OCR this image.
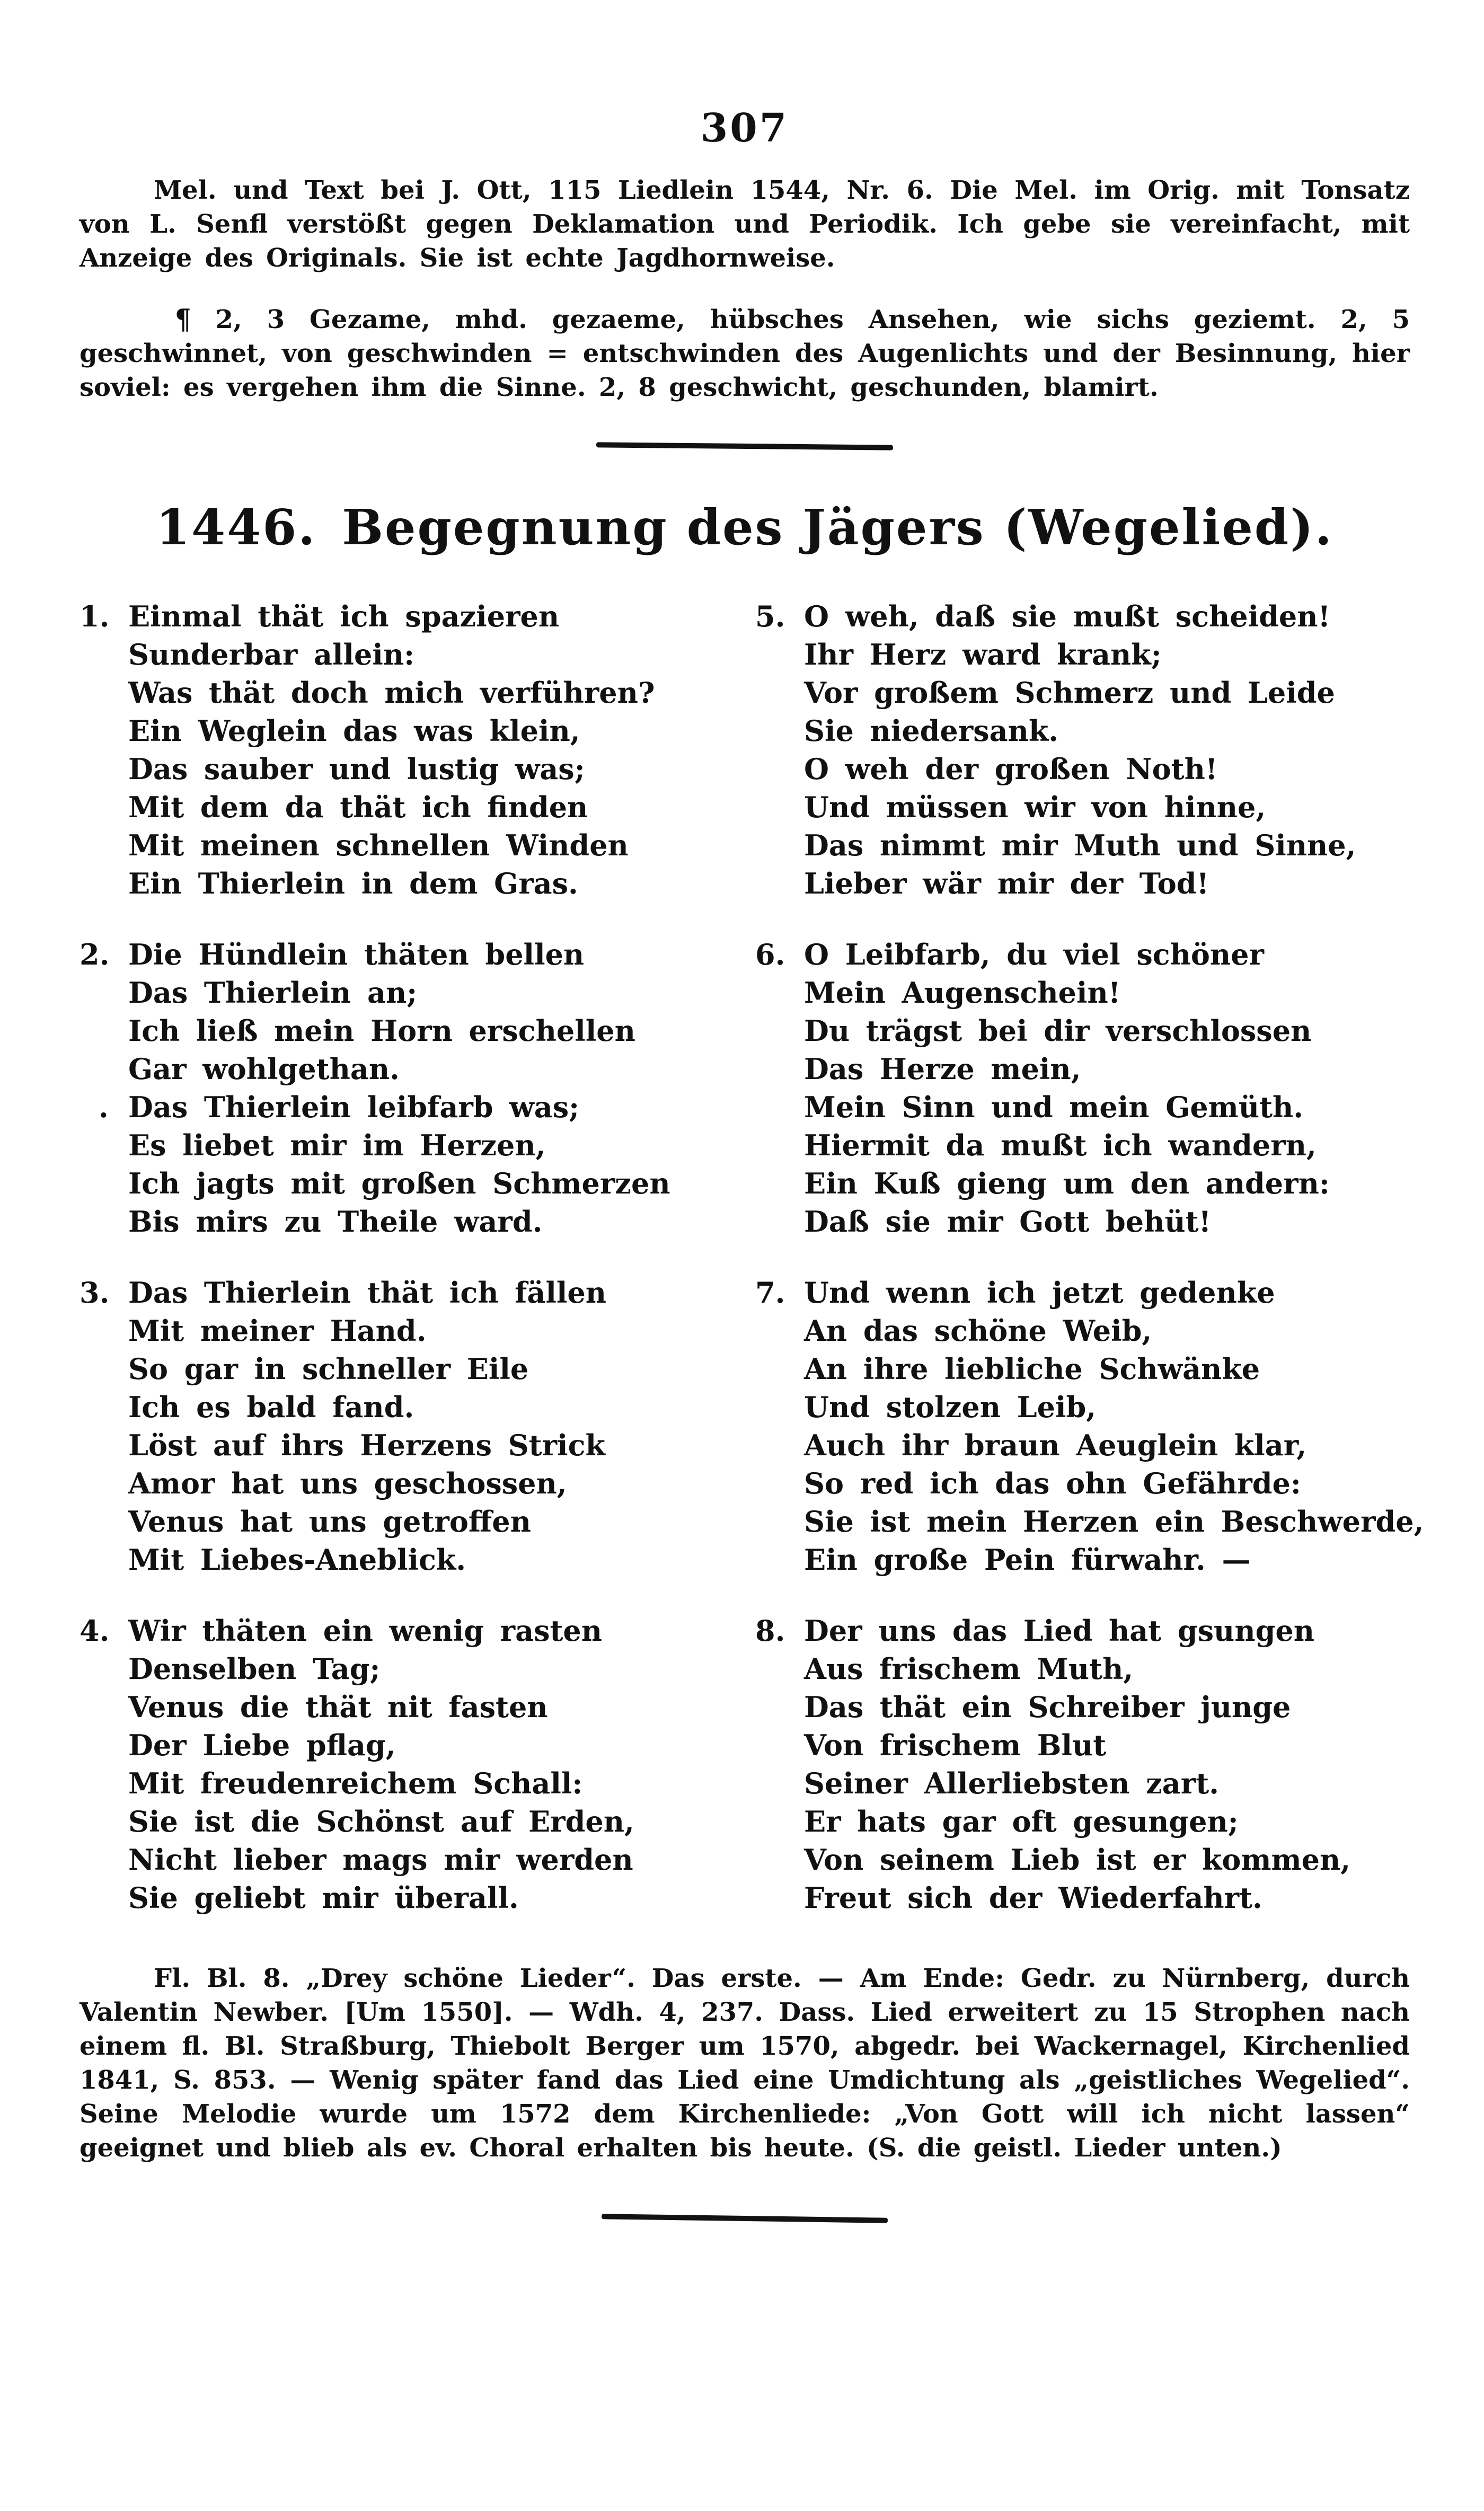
307

Mel. und Text bei J. Ott, 115 Liedlein 1544, Nr. 6. Die Mel. im Orig. mit Tonsatz von L. Senfl verstößt gegen Deklamation und Periodik. Ich gebe sie vereinfacht, mit Anzeige des Originals. Sie ist echte Jagdhornweise.

¶ 2, 3 Gezame, mhd. gezaeme, hübsches Ansehen, wie sichs geziemt. 2, 5 geschwinnet, von geschwinden = entschwinden des Augenlichts und der Besinnung, hier soviel: es vergehen ihm die Sinne. 2, 8 geschwicht, geschunden, blamirt.

1446. Begegnung des Jägers (Wegelied).
1. Einmal thät ich spazieren
Sunderbar allein:
Was thät doch mich verführen?
Ein Weglein das was klein,
Das sauber und lustig was;
Mit dem da thät ich finden
Mit meinen schnellen Winden
Ein Thierlein in dem Gras.
2.
.
Die Hündlein thäten bellen
Das Thierlein an;
Ich ließ mein Horn erschellen
Gar wohlgethan.
Das Thierlein leibfarb was;
Es liebet mir im Herzen,
Ich jagts mit großen Schmerzen
Bis mirs zu Theile ward.
3. Das Thierlein thät ich fällen
Mit meiner Hand.
So gar in schneller Eile
Ich es bald fand.
Löst auf ihrs Herzens Strick
Amor hat uns geschossen,
Venus hat uns getroffen
Mit Liebes-Aneblick.
4. Wir thäten ein wenig rasten
Denselben Tag;
Venus die thät nit fasten
Der Liebe pflag,
Mit freudenreichem Schall:
Sie ist die Schönst auf Erden,
Nicht lieber mags mir werden
Sie geliebt mir überall.
5. O weh, daß sie mußt scheiden!
Ihr Herz ward krank;
Vor großem Schmerz und Leide
Sie niedersank.
O weh der großen Noth!
Und müssen wir von hinne,
Das nimmt mir Muth und Sinne,
Lieber wär mir der Tod!
6. O Leibfarb, du viel schöner
Mein Augenschein!
Du trägst bei dir verschlossen
Das Herze mein,
Mein Sinn und mein Gemüth.
Hiermit da mußt ich wandern,
Ein Kuß gieng um den andern:
Daß sie mir Gott behüt!
7. Und wenn ich jetzt gedenke
An das schöne Weib,
An ihre liebliche Schwänke
Und stolzen Leib,
Auch ihr braun Aeuglein klar,
So red ich das ohn Gefährde:
Sie ist mein Herzen ein Beschwerde,
Ein große Pein fürwahr. —
8. Der uns das Lied hat gsungen
Aus frischem Muth,
Das thät ein Schreiber junge
Von frischem Blut
Seiner Allerliebsten zart.
Er hats gar oft gesungen;
Von seinem Lieb ist er kommen,
Freut sich der Wiederfahrt.

Fl. Bl. 8. „Drey schöne Lieder“. Das erste. — Am Ende: Gedr. zu Nürnberg, durch Valentin Newber. [Um 1550]. — Wdh. 4, 237. Dass. Lied erweitert zu 15 Strophen nach einem fl. Bl. Straßburg, Thiebolt Berger um 1570, abgedr. bei Wackernagel, Kirchenlied 1841, S. 853. — Wenig später fand das Lied eine Umdichtung als „geistliches Wegelied“. Seine Melodie wurde um 1572 dem Kirchenliede: „Von Gott will ich nicht lassen“ geeignet und blieb als ev. Choral erhalten bis heute. (S. die geistl. Lieder unten.)
